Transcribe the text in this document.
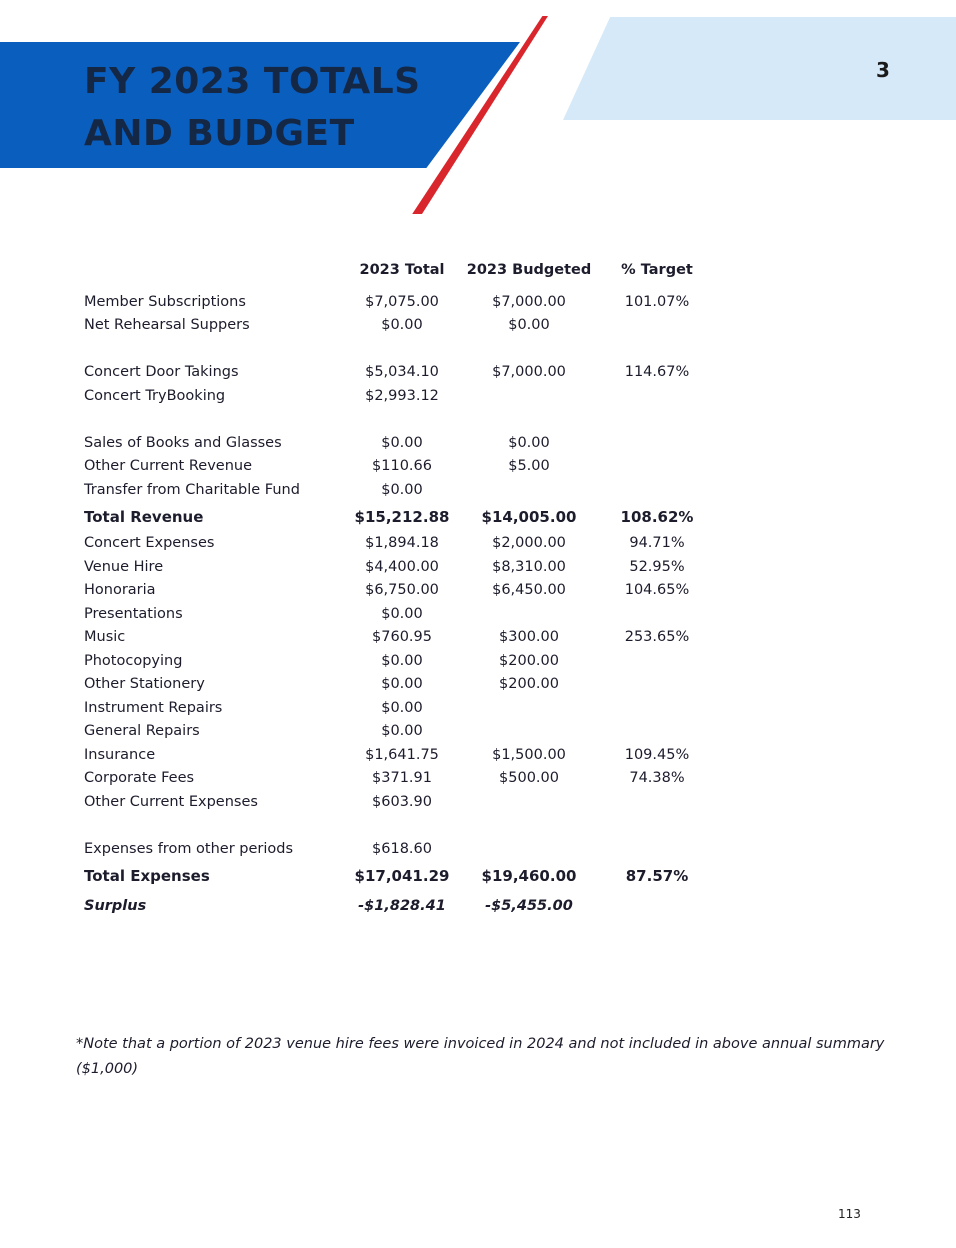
FY 2023 TOTALS
AND BUDGET
3
	2023 Total	2023 Budgeted	% Target
Member Subscriptions	$7,075.00	$7,000.00	101.07%
Net Rehearsal Suppers	$0.00	$0.00	

Concert Door Takings	$5,034.10	$7,000.00	114.67%
Concert TryBooking	$2,993.12		

Sales of Books and Glasses	$0.00	$0.00	
Other Current Revenue	$110.66	$5.00	
Transfer from Charitable Fund	$0.00		
Total Revenue	$15,212.88	$14,005.00	108.62%
Concert Expenses	$1,894.18	$2,000.00	94.71%
Venue Hire	$4,400.00	$8,310.00	52.95%
Honoraria	$6,750.00	$6,450.00	104.65%
Presentations	$0.00		
Music	$760.95	$300.00	253.65%
Photocopying	$0.00	$200.00	
Other Stationery	$0.00	$200.00	
Instrument Repairs	$0.00		
General Repairs	$0.00		
Insurance	$1,641.75	$1,500.00	109.45%
Corporate Fees	$371.91	$500.00	74.38%
Other Current Expenses	$603.90		

Expenses from other periods	$618.60		
Total Expenses	$17,041.29	$19,460.00	87.57%
Surplus	-$1,828.41	-$5,455.00	

*Note that a portion of 2023 venue hire fees were invoiced in 2024 and not included in above annual summary
($1,000)

113
